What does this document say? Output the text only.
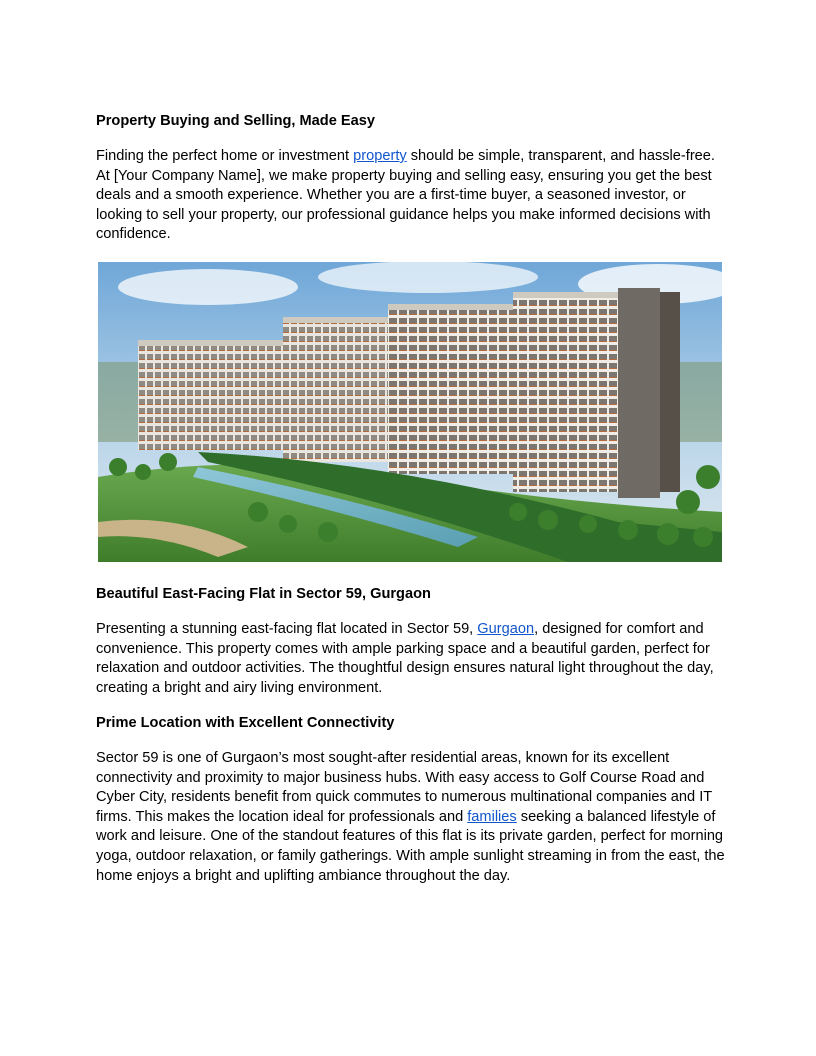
Property Buying and Selling, Made Easy

Finding the perfect home or investment property should be simple, transparent, and hassle-free. At [Your Company Name], we make property buying and selling easy, ensuring you get the best deals and a smooth experience. Whether you are a first-time buyer, a seasoned investor, or looking to sell your property, our professional guidance helps you make informed decisions with confidence.

Beautiful East-Facing Flat in Sector 59, Gurgaon

Presenting a stunning east-facing flat located in Sector 59, Gurgaon, designed for comfort and convenience. This property comes with ample parking space and a beautiful garden, perfect for relaxation and outdoor activities. The thoughtful design ensures natural light throughout the day, creating a bright and airy living environment.

Prime Location with Excellent Connectivity

Sector 59 is one of Gurgaon’s most sought-after residential areas, known for its excellent connectivity and proximity to major business hubs. With easy access to Golf Course Road and Cyber City, residents benefit from quick commutes to numerous multinational companies and IT firms. This makes the location ideal for professionals and families seeking a balanced lifestyle of work and leisure. One of the standout features of this flat is its private garden, perfect for morning yoga, outdoor relaxation, or family gatherings. With ample sunlight streaming in from the east, the home enjoys a bright and uplifting ambiance throughout the day.
